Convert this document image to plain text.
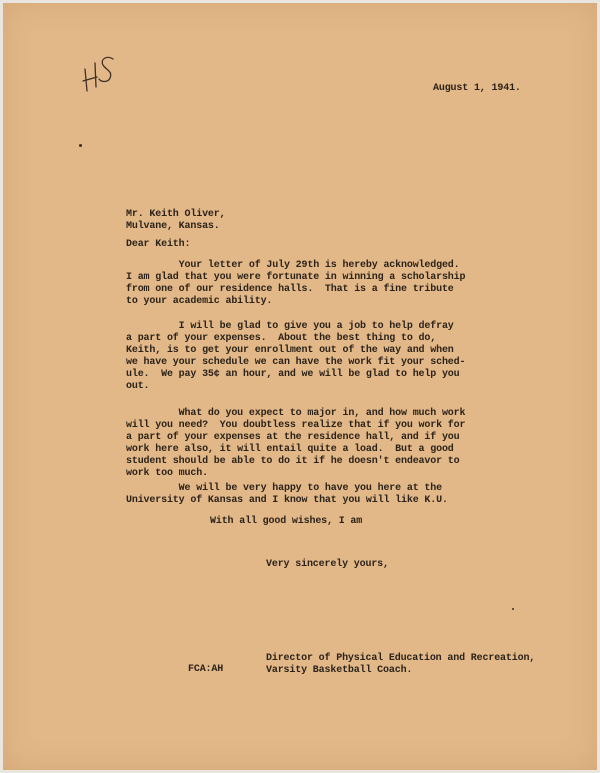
August 1, 1941.

Mr. Keith Oliver,

Mulvane, Kansas.

Dear Keith:

Your letter of July 29th is hereby acknowledged.

I am glad that you were fortunate in winning a scholarship

from one of our residence halls.  That is a fine tribute

to your academic ability.

I will be glad to give you a job to help defray

a part of your expenses.  About the best thing to do,

Keith, is to get your enrollment out of the way and when

we have your schedule we can have the work fit your sched-

ule.  We pay 35¢ an hour, and we will be glad to help you

out.

What do you expect to major in, and how much work

will you need?  You doubtless realize that if you work for

a part of your expenses at the residence hall, and if you

work here also, it will entail quite a load.  But a good

student should be able to do it if he doesn't endeavor to

work too much.

We will be very happy to have you here at the

University of Kansas and I know that you will like K.U.

With all good wishes, I am

Very sincerely yours,

Director of Physical Education and Recreation,

Varsity Basketball Coach.

FCA:AH
